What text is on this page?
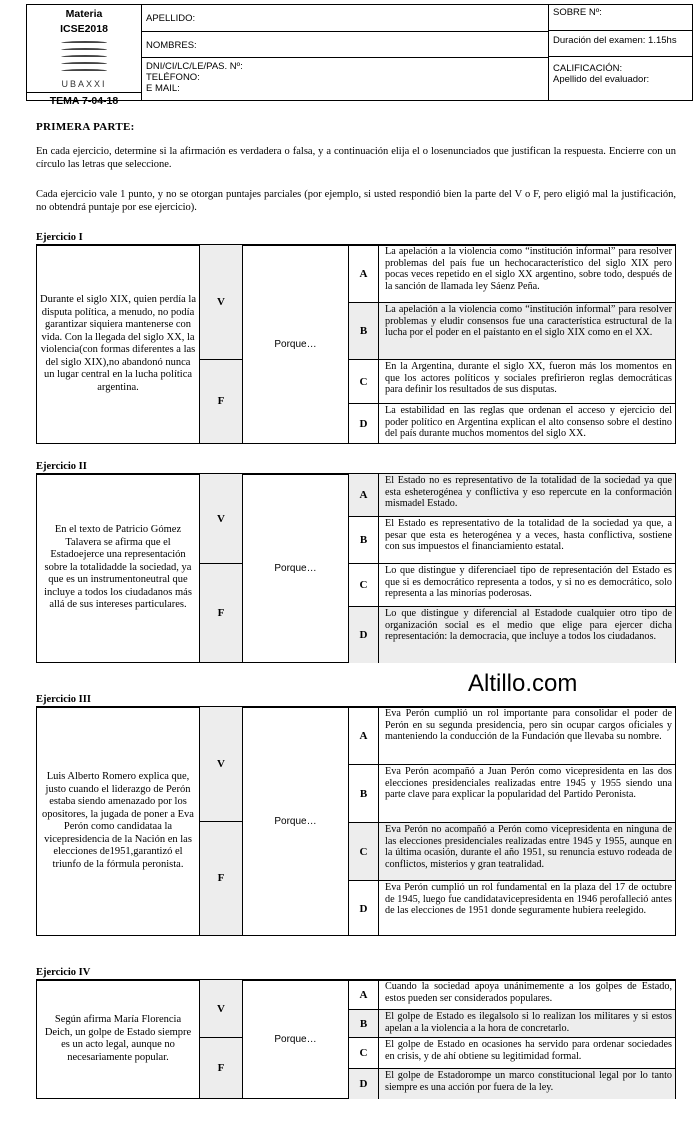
Materia
ICSE2018
UBAXXI
TEMA 7-04-18
APELLIDO:
NOMBRES:
DNI/CI/LC/LE/PAS. Nº:
TELÉFONO:
E MAIL:
SOBRE Nº:
Duración del examen: 1.15hs
CALIFICACIÓN:
Apellido del evaluador:
PRIMERA PARTE:
En cada ejercicio, determine si la afirmación es verdadera o falsa, y a continuación elija el o losenunciados que justifican la respuesta. Encierre con un círculo las letras que seleccione.
Cada ejercicio vale 1 punto, y no se otorgan puntajes parciales (por ejemplo, si usted respondió bien la parte del V o F, pero eligió mal la justificación, no obtendrá puntaje por ese ejercicio).
Ejercicio I
Durante el siglo XIX, quien perdía la disputa política, a menudo, no podía garantizar siquiera mantenerse con vida. Con la llegada del siglo XX, la violencia(con formas diferentes a las del siglo XIX),no abandonó nunca un lugar central en la lucha política argentina.
V
F
Porque…
A
La apelación a la violencia como “institución informal” para resolver problemas del país fue un hechocaracterístico del siglo XIX pero pocas veces repetido en el siglo XX argentino, sobre todo, después de la sanción de llamada ley Sáenz Peña.
B
La apelación a la violencia como “institución informal” para resolver problemas y eludir consensos fue una característica estructural de la lucha por el poder en el paístanto en el siglo XIX como en el XX.
C
En la Argentina, durante el siglo XX, fueron más los momentos en que los actores políticos y sociales prefirieron reglas democráticas para definir los resultados de sus disputas.
D
La estabilidad en las reglas que ordenan el acceso y ejercicio del poder político en Argentina explican el alto consenso sobre el destino del país durante muchos momentos del siglo XX.
Ejercicio II
En el texto de Patricio Gómez Talavera se afirma que el Estadoejerce una representación sobre la totalidadde la sociedad, ya que es un instrumentoneutral que incluye a todos los ciudadanos más allá de sus intereses particulares.
V
F
Porque…
A
El Estado no es representativo de la totalidad de la sociedad ya que esta esheterogénea y conflictiva y eso repercute en la conformación mismadel Estado.
B
El Estado es representativo de la totalidad de la sociedad ya que, a pesar que esta es heterogénea y a veces, hasta conflictiva, sostiene con sus impuestos el financiamiento estatal.
C
Lo que distingue y diferenciael tipo de representación del Estado es que si es democrático representa a todos, y si no es democrático, solo representa a las minorías poderosas.
D
Lo que distingue y diferencial al Estadode cualquier otro tipo de organización social es el medio que elige para ejercer dicha representación: la democracia, que incluye a todos los ciudadanos.
Altillo.com
Ejercicio III
Luis Alberto Romero explica que, justo cuando el liderazgo de Perón estaba siendo amenazado por los opositores, la jugada de poner a Eva Perón como candidataa la vicepresidencia de la Nación en las elecciones de1951,garantizó el triunfo de la fórmula peronista.
V
F
Porque…
A
Eva Perón cumplió un rol importante para consolidar el poder de Perón en su segunda presidencia, pero sin ocupar cargos oficiales y manteniendo la conducción de la Fundación que llevaba su nombre.
B
Eva Perón acompañó a Juan Perón como vicepresidenta en las dos elecciones presidenciales realizadas entre 1945 y 1955 siendo una parte clave para explicar la popularidad del Partido Peronista.
C
Eva Perón no acompañó a Perón como vicepresidenta en ninguna de las elecciones presidenciales realizadas entre 1945 y 1955, aunque en la última ocasión, durante el año 1951, su renuncia estuvo rodeada de conflictos, misterios y gran teatralidad.
D
Eva Perón cumplió un rol fundamental en la plaza del 17 de octubre de 1945, luego fue candidatavicepresidenta en 1946 perofalleció antes de las elecciones de 1951 donde seguramente hubiera reelegido.
Ejercicio IV
Según afirma María Florencia Deich, un golpe de Estado siempre es un acto legal, aunque no necesariamente popular.
V
F
Porque…
A
Cuando la sociedad apoya unánimemente a los golpes de Estado, estos pueden ser considerados populares.
B
El golpe de Estado es ilegalsolo si lo realizan los militares y si estos apelan a la violencia a la hora de concretarlo.
C
El golpe de Estado en ocasiones ha servido para ordenar sociedades en crisis, y de ahí obtiene su legitimidad formal.
D
El golpe de Estadorompe un marco constitucional legal por lo tanto siempre es una acción por fuera de la ley.
